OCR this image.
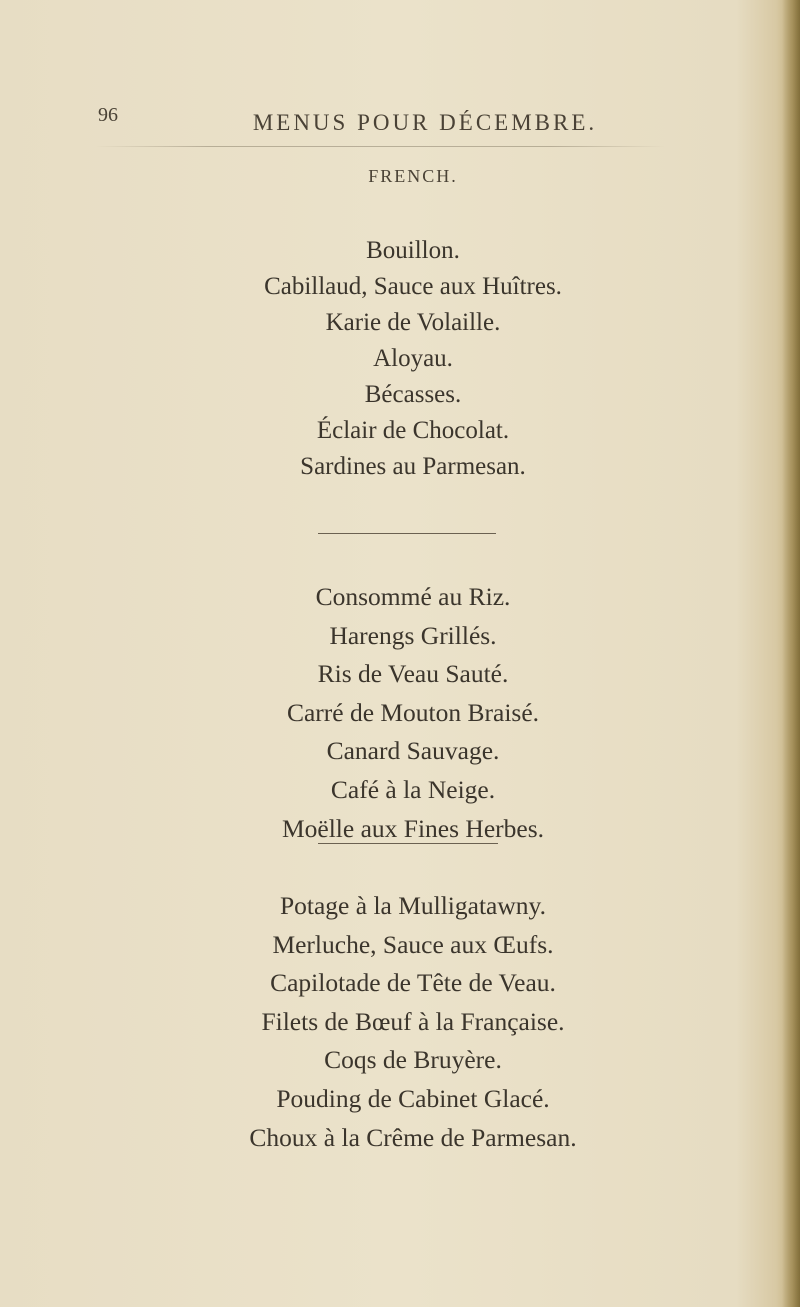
96	MENUS POUR DÉCEMBRE.
FRENCH.
Bouillon.
Cabillaud, Sauce aux Huîtres.
Karie de Volaille.
Aloyau.
Bécasses.
Éclair de Chocolat.
Sardines au Parmesan.
Consommé au Riz.
Harengs Grillés.
Ris de Veau Sauté.
Carré de Mouton Braisé.
Canard Sauvage.
Café à la Neige.
Moëlle aux Fines Herbes.
Potage à la Mulligatawny.
Merluche, Sauce aux Œufs.
Capilotade de Tête de Veau.
Filets de Bœuf à la Française.
Coqs de Bruyère.
Pouding de Cabinet Glacé.
Choux à la Crême de Parmesan.
